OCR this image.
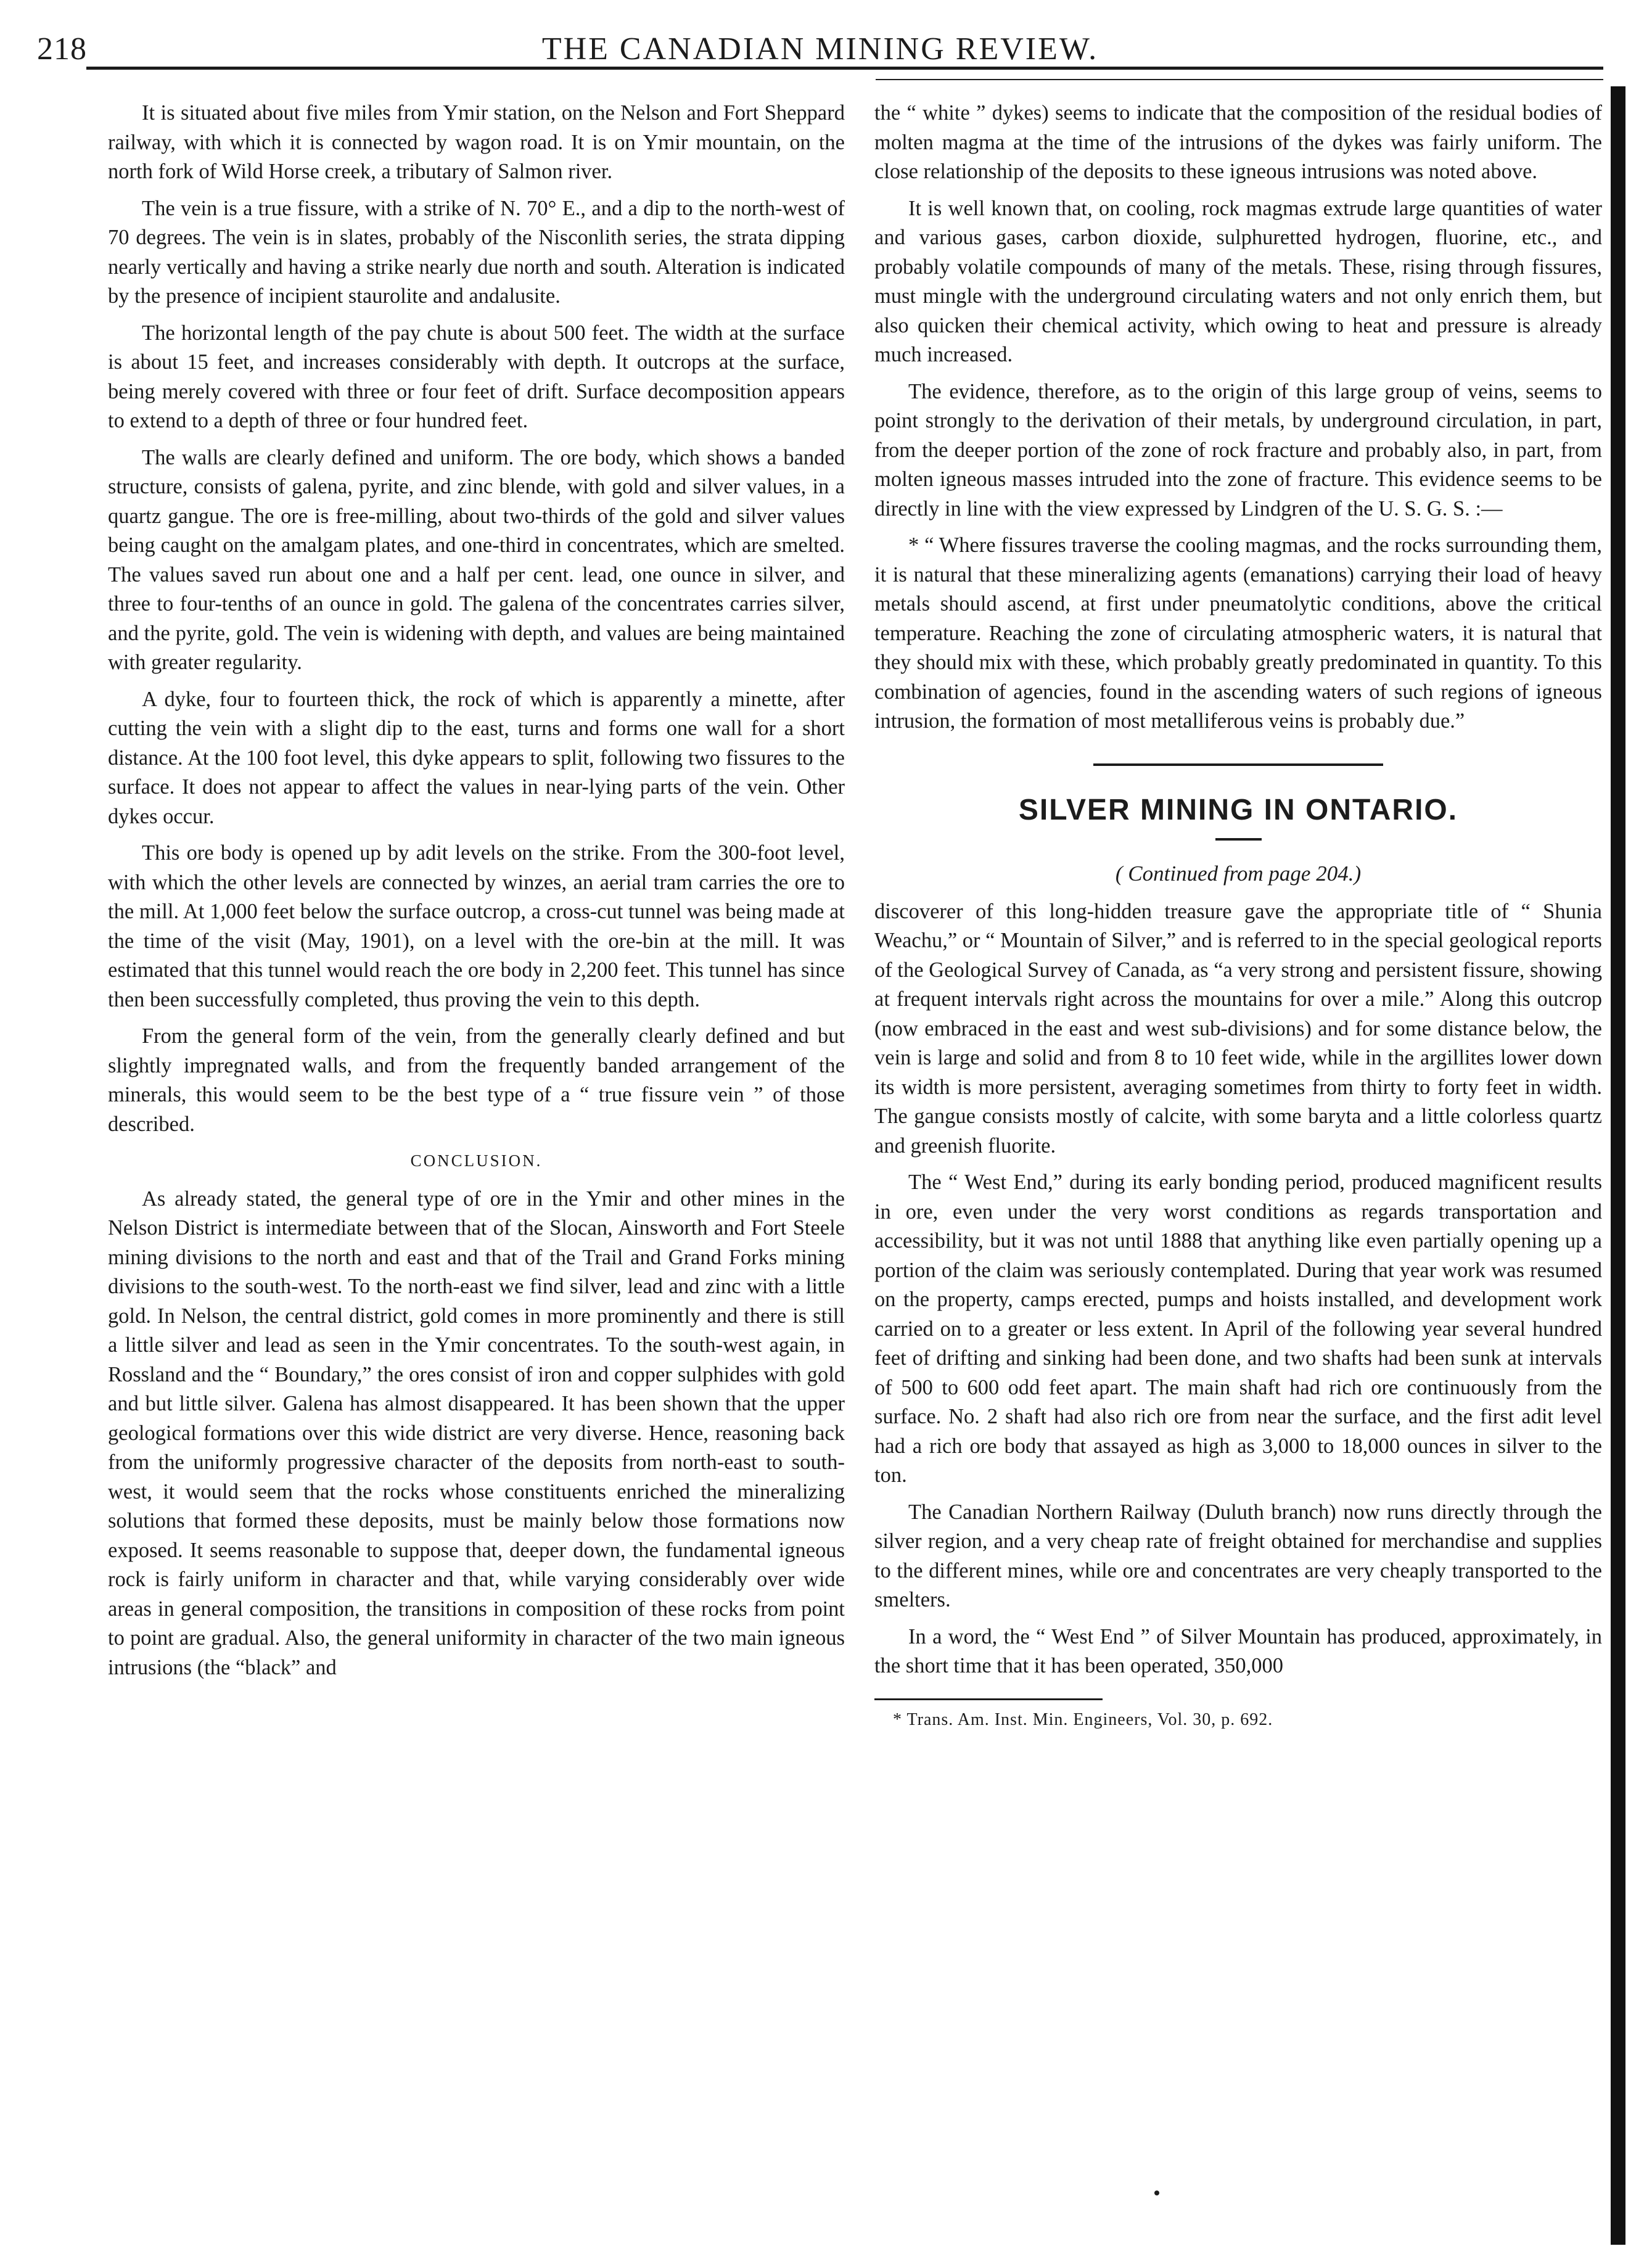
218	THE CANADIAN MINING REVIEW.

It is situated about five miles from Ymir station, on the Nelson and Fort Sheppard railway, with which it is connected by wagon road. It is on Ymir mountain, on the north fork of Wild Horse creek, a tributary of Salmon river.

The vein is a true fissure, with a strike of N. 70° E., and a dip to the north-west of 70 degrees. The vein is in slates, probably of the Nisconlith series, the strata dipping nearly vertically and having a strike nearly due north and south. Alteration is indicated by the presence of incipient staurolite and andalusite.

The horizontal length of the pay chute is about 500 feet. The width at the surface is about 15 feet, and increases considerably with depth. It outcrops at the surface, being merely covered with three or four feet of drift. Surface decomposition appears to extend to a depth of three or four hundred feet.

The walls are clearly defined and uniform. The ore body, which shows a banded structure, consists of galena, pyrite, and zinc blende, with gold and silver values, in a quartz gangue. The ore is free-milling, about two-thirds of the gold and silver values being caught on the amalgam plates, and one-third in concentrates, which are smelted. The values saved run about one and a half per cent. lead, one ounce in silver, and three to four-tenths of an ounce in gold. The galena of the concentrates carries silver, and the pyrite, gold. The vein is widening with depth, and values are being maintained with greater regularity.

A dyke, four to fourteen thick, the rock of which is apparently a minette, after cutting the vein with a slight dip to the east, turns and forms one wall for a short distance. At the 100 foot level, this dyke appears to split, following two fissures to the surface. It does not appear to affect the values in near-lying parts of the vein. Other dykes occur.

This ore body is opened up by adit levels on the strike. From the 300-foot level, with which the other levels are connected by winzes, an aerial tram carries the ore to the mill. At 1,000 feet below the surface outcrop, a cross-cut tunnel was being made at the time of the visit (May, 1901), on a level with the ore-bin at the mill. It was estimated that this tunnel would reach the ore body in 2,200 feet. This tunnel has since then been successfully completed, thus proving the vein to this depth.

From the general form of the vein, from the generally clearly defined and but slightly impregnated walls, and from the frequently banded arrangement of the minerals, this would seem to be the best type of a “ true fissure vein ” of those described.

CONCLUSION.

As already stated, the general type of ore in the Ymir and other mines in the Nelson District is intermediate between that of the Slocan, Ainsworth and Fort Steele mining divisions to the north and east and that of the Trail and Grand Forks mining divisions to the south-west. To the north-east we find silver, lead and zinc with a little gold. In Nelson, the central district, gold comes in more prominently and there is still a little silver and lead as seen in the Ymir concentrates. To the south-west again, in Rossland and the “ Boundary,” the ores consist of iron and copper sulphides with gold and but little silver. Galena has almost disappeared. It has been shown that the upper geological formations over this wide district are very diverse. Hence, reasoning back from the uniformly progressive character of the deposits from north-east to south-west, it would seem that the rocks whose constituents enriched the mineralizing solutions that formed these deposits, must be mainly below those formations now exposed. It seems reasonable to suppose that, deeper down, the fundamental igneous rock is fairly uniform in character and that, while varying considerably over wide areas in general composition, the transitions in composition of these rocks from point to point are gradual. Also, the general uniformity in character of the two main igneous intrusions (the “black” and

the “ white ” dykes) seems to indicate that the composition of the residual bodies of molten magma at the time of the intrusions of the dykes was fairly uniform. The close relationship of the deposits to these igneous intrusions was noted above.

It is well known that, on cooling, rock magmas extrude large quantities of water and various gases, carbon dioxide, sulphuretted hydrogen, fluorine, etc., and probably volatile compounds of many of the metals. These, rising through fissures, must mingle with the underground circulating waters and not only enrich them, but also quicken their chemical activity, which owing to heat and pressure is already much increased.

The evidence, therefore, as to the origin of this large group of veins, seems to point strongly to the derivation of their metals, by underground circulation, in part, from the deeper portion of the zone of rock fracture and probably also, in part, from molten igneous masses intruded into the zone of fracture. This evidence seems to be directly in line with the view expressed by Lindgren of the U. S. G. S. :—

* “ Where fissures traverse the cooling magmas, and the rocks surrounding them, it is natural that these mineralizing agents (emanations) carrying their load of heavy metals should ascend, at first under pneumatolytic conditions, above the critical temperature. Reaching the zone of circulating atmospheric waters, it is natural that they should mix with these, which probably greatly predominated in quantity. To this combination of agencies, found in the ascending waters of such regions of igneous intrusion, the formation of most metalliferous veins is probably due.”

SILVER MINING IN ONTARIO.
( Continued from page 204.)

discoverer of this long-hidden treasure gave the appropriate title of “ Shunia Weachu,” or “ Mountain of Silver,” and is referred to in the special geological reports of the Geological Survey of Canada, as “a very strong and persistent fissure, showing at frequent intervals right across the mountains for over a mile.” Along this outcrop (now embraced in the east and west sub-divisions) and for some distance below, the vein is large and solid and from 8 to 10 feet wide, while in the argillites lower down its width is more persistent, averaging sometimes from thirty to forty feet in width. The gangue consists mostly of calcite, with some baryta and a little colorless quartz and greenish fluorite.

The “ West End,” during its early bonding period, produced magnificent results in ore, even under the very worst conditions as regards transportation and accessibility, but it was not until 1888 that anything like even partially opening up a portion of the claim was seriously contemplated. During that year work was resumed on the property, camps erected, pumps and hoists installed, and development work carried on to a greater or less extent. In April of the following year several hundred feet of drifting and sinking had been done, and two shafts had been sunk at intervals of 500 to 600 odd feet apart. The main shaft had rich ore continuously from the surface. No. 2 shaft had also rich ore from near the surface, and the first adit level had a rich ore body that assayed as high as 3,000 to 18,000 ounces in silver to the ton.

The Canadian Northern Railway (Duluth branch) now runs directly through the silver region, and a very cheap rate of freight obtained for merchandise and supplies to the different mines, while ore and concentrates are very cheaply transported to the smelters.

In a word, the “ West End ” of Silver Mountain has produced, approximately, in the short time that it has been operated, 350,000

* Trans. Am. Inst. Min. Engineers, Vol. 30, p. 692.
